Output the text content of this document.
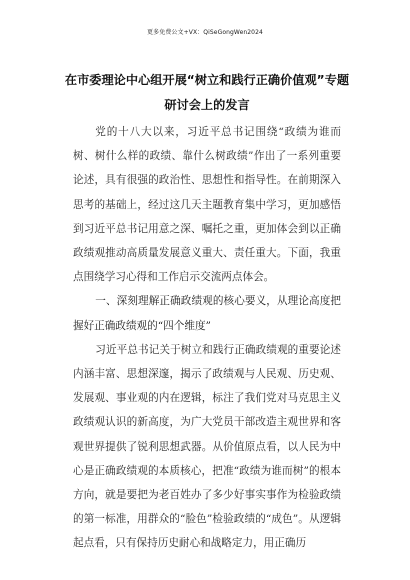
更多免费公文+VX：QiSeGongWen2024
在市委理论中心组开展“树立和践行正确价值观”专题研讨会上的发言

党的十八大以来，习近平总书记围绕“政绩为谁而树、树什么样的政绩、靠什么树政绩”作出了一系列重要论述，具有很强的政治性、思想性和指导性。在前期深入思考的基础上，经过这几天主题教育集中学习，更加感悟到习近平总书记用意之深、嘱托之重，更加体会到以正确政绩观推动高质量发展意义重大、责任重大。下面，我重点围绕学习心得和工作启示交流两点体会。

一、深刻理解正确政绩观的核心要义，从理论高度把握好正确政绩观的“四个维度”

习近平总书记关于树立和践行正确政绩观的重要论述内涵丰富、思想深邃，揭示了政绩观与人民观、历史观、发展观、事业观的内在逻辑，标注了我们党对马克思主义政绩观认识的新高度，为广大党员干部改造主观世界和客观世界提供了锐利思想武器。从价值原点看，以人民为中心是正确政绩观的本质核心，把准“政绩为谁而树”的根本方向，就是要把为老百姓办了多少好事实事作为检验政绩的第一标准，用群众的“脸色”检验政绩的“成色”。从逻辑起点看，只有保持历史耐心和战略定力，用正确历
